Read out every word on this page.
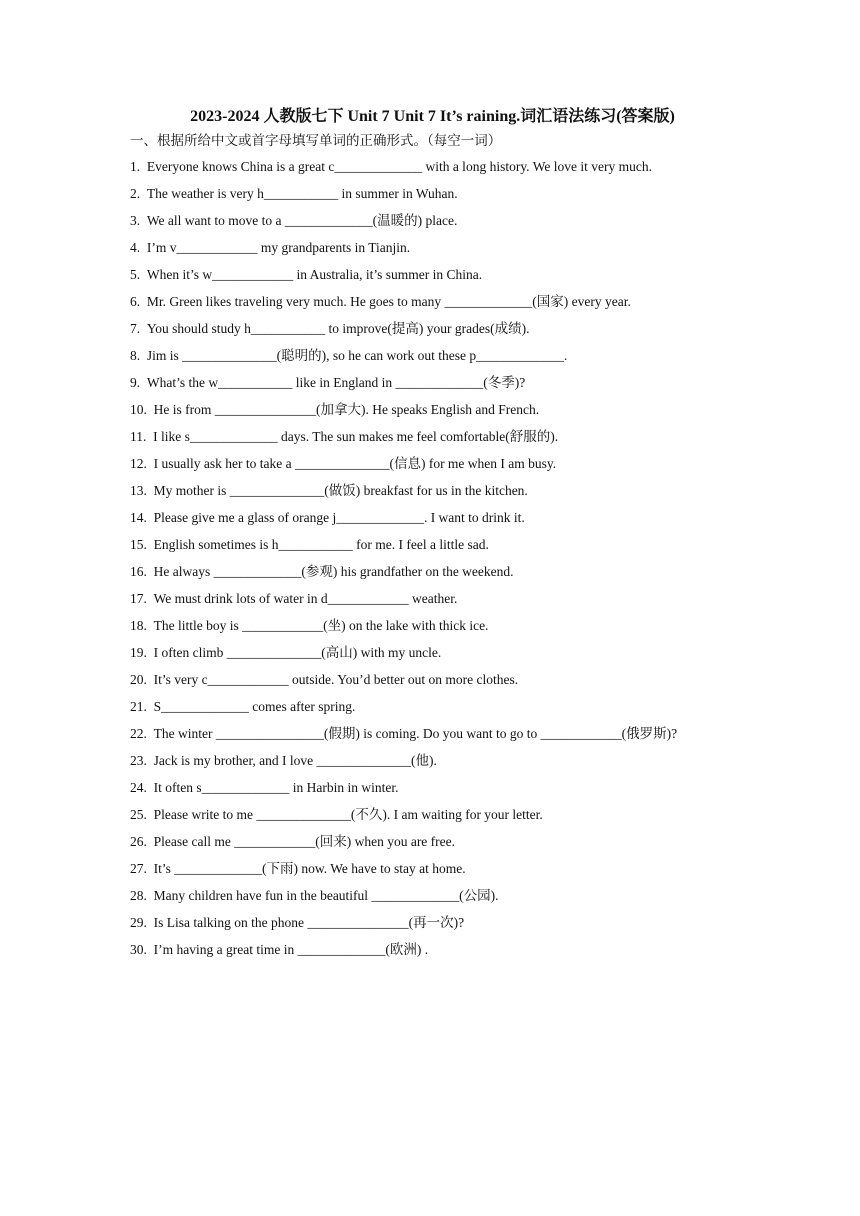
2023-2024 人教版七下 Unit 7 Unit 7 It’s raining.词汇语法练习(答案版)

一、根据所给中文或首字母填写单词的正确形式。（每空一词）

1. Everyone knows China is a great c_____________ with a long history. We love it very much.
2. The weather is very h___________ in summer in Wuhan.
3. We all want to move to a _____________(温暖的) place.
4. I’m v____________ my grandparents in Tianjin.
5. When it’s w____________ in Australia, it’s summer in China.
6. Mr. Green likes traveling very much. He goes to many _____________(国家) every year.
7. You should study h___________ to improve(提高) your grades(成绩).
8. Jim is ______________(聪明的), so he can work out these p_____________.
9. What’s the w___________ like in England in _____________(冬季)?
10. He is from _______________(加拿大). He speaks English and French.
11. I like s_____________ days. The sun makes me feel comfortable(舒服的).
12. I usually ask her to take a ______________(信息) for me when I am busy.
13. My mother is ______________(做饭) breakfast for us in the kitchen.
14. Please give me a glass of orange j_____________. I want to drink it.
15. English sometimes is h___________ for me. I feel a little sad.
16. He always _____________(参观) his grandfather on the weekend.
17. We must drink lots of water in d____________ weather.
18. The little boy is ____________(坐) on the lake with thick ice.
19. I often climb ______________(高山) with my uncle.
20. It’s very c____________ outside. You’d better out on more clothes.
21. S_____________ comes after spring.
22. The winter ________________(假期) is coming. Do you want to go to ____________(俄罗斯)?
23. Jack is my brother, and I love ______________(他).
24. It often s_____________ in Harbin in winter.
25. Please write to me ______________(不久). I am waiting for your letter.
26. Please call me ____________(回来) when you are free.
27. It’s _____________(下雨) now. We have to stay at home.
28. Many children have fun in the beautiful _____________(公园).
29. Is Lisa talking on the phone _______________(再一次)?
30. I’m having a great time in _____________(欧洲) .
